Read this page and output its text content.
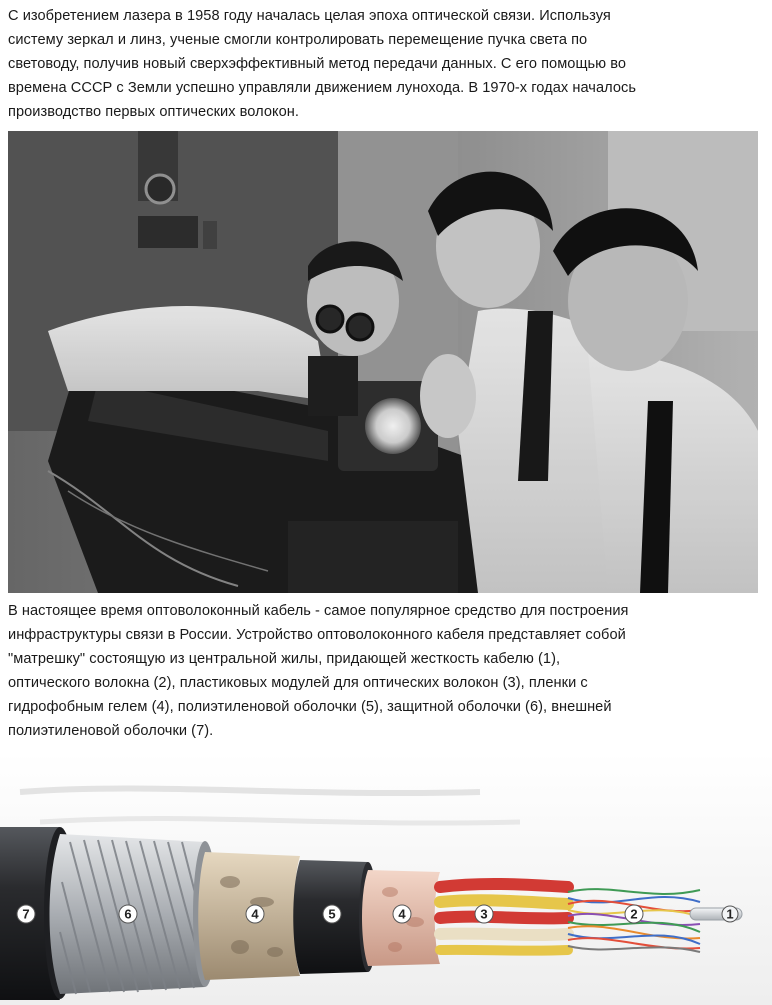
С изобретением лазера в 1958 году началась целая эпоха оптической связи. Используя
систему зеркал и линз, ученые смогли контролировать перемещение пучка света по
световоду, получив новый сверхэффективный метод передачи данных. С его помощью во
времена СССР с Земли успешно управляли движением лунохода. В 1970-х годах началось
производство первых оптических волокон.

В настоящее время оптоволоконный кабель - самое популярное средство для построения
инфраструктуры связи в России. Устройство оптоволоконного кабеля представляет собой
"матрешку" состоящую из центральной жилы, придающей жесткость кабелю (1),
оптического волокна (2), пластиковых модулей для оптических волокон (3), пленки с
гидрофобным гелем (4), полиэтиленовой оболочки (5), защитной оболочки (6), внешней
полиэтиленовой оболочки (7).

7	6	4	5	4	3	2	1
